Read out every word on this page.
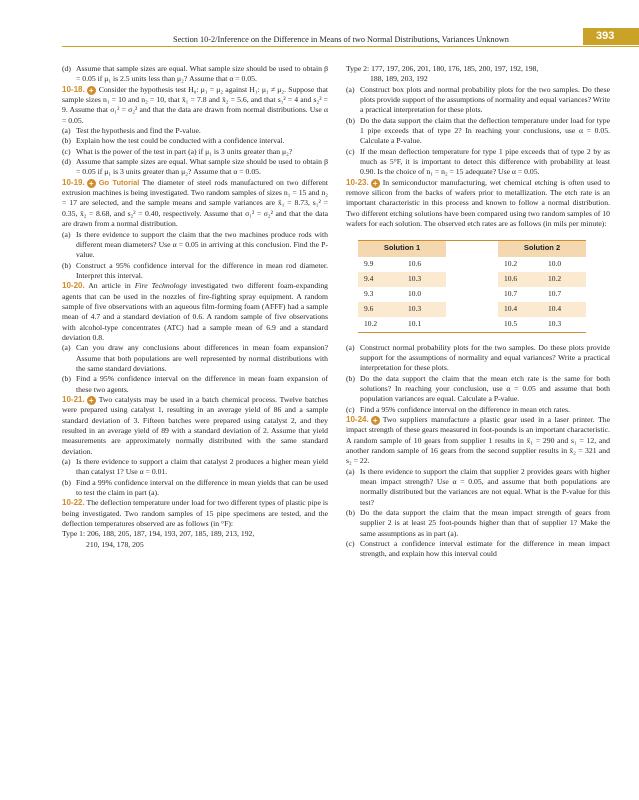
Section 10-2/Inference on the Difference in Means of two Normal Distributions, Variances Unknown	393

(d) Assume that sample sizes are equal. What sample size should be used to obtain β = 0.05 if μ₁ is 2.5 units less than μ₂? Assume that α = 0.05.

10-18. + Consider the hypothesis test H₀: μ₁ = μ₂ against H₁: μ₁ ≠ μ₂. Suppose that sample sizes n₁ = 10 and n₂ = 10, that x̄₁ = 7.8 and x̄₂ = 5.6, and that s₁² = 4 and s₂² = 9. Assume that σ₁² = σ₂² and that the data are drawn from normal distributions. Use α = 0.05.

(a) Test the hypothesis and find the P-value.

(b) Explain how the test could be conducted with a confidence interval.

(c) What is the power of the test in part (a) if μ₁ is 3 units greater than μ₂?

(d) Assume that sample sizes are equal. What sample size should be used to obtain β = 0.05 if μ₁ is 3 units greater than μ₂? Assume that α = 0.05.

10-19. + Go Tutorial The diameter of steel rods manufactured on two different extrusion machines is being investigated. Two random samples of sizes n₁ = 15 and n₂ = 17 are selected, and the sample means and sample variances are x̄₁ = 8.73, s₁² = 0.35, x̄₂ = 8.68, and s₂² = 0.40, respectively. Assume that σ₁² = σ₂² and that the data are drawn from a normal distribution.

(a) Is there evidence to support the claim that the two machines produce rods with different mean diameters? Use α = 0.05 in arriving at this conclusion. Find the P-value.

(b) Construct a 95% confidence interval for the difference in mean rod diameter. Interpret this interval.

10-20. An article in Fire Technology investigated two different foam-expanding agents that can be used in the nozzles of fire-fighting spray equipment. A random sample of five observations with an aqueous film-forming foam (AFFF) had a sample mean of 4.7 and a standard deviation of 0.6. A random sample of five observations with alcohol-type concentrates (ATC) had a sample mean of 6.9 and a standard deviation 0.8.

(a) Can you draw any conclusions about differences in mean foam expansion? Assume that both populations are well represented by normal distributions with the same standard deviations.

(b) Find a 95% confidence interval on the difference in mean foam expansion of these two agents.

10-21. + Two catalysts may be used in a batch chemical process. Twelve batches were prepared using catalyst 1, resulting in an average yield of 86 and a sample standard deviation of 3. Fifteen batches were prepared using catalyst 2, and they resulted in an average yield of 89 with a standard deviation of 2. Assume that yield measurements are approximately normally distributed with the same standard deviation.

(a) Is there evidence to support a claim that catalyst 2 produces a higher mean yield than catalyst 1? Use α = 0.01.

(b) Find a 99% confidence interval on the difference in mean yields that can be used to test the claim in part (a).

10-22. The deflection temperature under load for two different types of plastic pipe is being investigated. Two random samples of 15 pipe specimens are tested, and the deflection temperatures observed are as follows (in °F):

Type 1: 206, 188, 205, 187, 194, 193, 207, 185, 189, 213, 192,

210, 194, 178, 205

Type 2: 177, 197, 206, 201, 180, 176, 185, 200, 197, 192, 198,

188, 189, 203, 192

(a) Construct box plots and normal probability plots for the two samples. Do these plots provide support of the assumptions of normality and equal variances? Write a practical interpretation for these plots.

(b) Do the data support the claim that the deflection temperature under load for type 1 pipe exceeds that of type 2? In reaching your conclusions, use α = 0.05. Calculate a P-value.

(c) If the mean deflection temperature for type 1 pipe exceeds that of type 2 by as much as 5°F, it is important to detect this difference with probability at least 0.90. Is the choice of n₁ = n₂ = 15 adequate? Use α = 0.05.

10-23. + In semiconductor manufacturing, wet chemical etching is often used to remove silicon from the backs of wafers prior to metallization. The etch rate is an important characteristic in this process and known to follow a normal distribution. Two different etching solutions have been compared using two random samples of 10 wafers for each solution. The observed etch rates are as follows (in mils per minute):

Solution 1			Solution 2	
9.9	10.6		10.2	10.0
9.4	10.3		10.6	10.2
9.3	10.0		10.7	10.7
9.6	10.3		10.4	10.4
10.2	10.1		10.5	10.3

(a) Construct normal probability plots for the two samples. Do these plots provide support for the assumptions of normality and equal variances? Write a practical interpretation for these plots.

(b) Do the data support the claim that the mean etch rate is the same for both solutions? In reaching your conclusion, use α = 0.05 and assume that both population variances are equal. Calculate a P-value.

(c) Find a 95% confidence interval on the difference in mean etch rates.

10-24. + Two suppliers manufacture a plastic gear used in a laser printer. The impact strength of these gears measured in foot-pounds is an important characteristic. A random sample of 10 gears from supplier 1 results in x̄₁ = 290 and s₁ = 12, and another random sample of 16 gears from the second supplier results in x̄₂ = 321 and s₂ = 22.

(a) Is there evidence to support the claim that supplier 2 provides gears with higher mean impact strength? Use α = 0.05, and assume that both populations are normally distributed but the variances are not equal. What is the P-value for this test?

(b) Do the data support the claim that the mean impact strength of gears from supplier 2 is at least 25 foot-pounds higher than that of supplier 1? Make the same assumptions as in part (a).

(c) Construct a confidence interval estimate for the difference in mean impact strength, and explain how this interval could
